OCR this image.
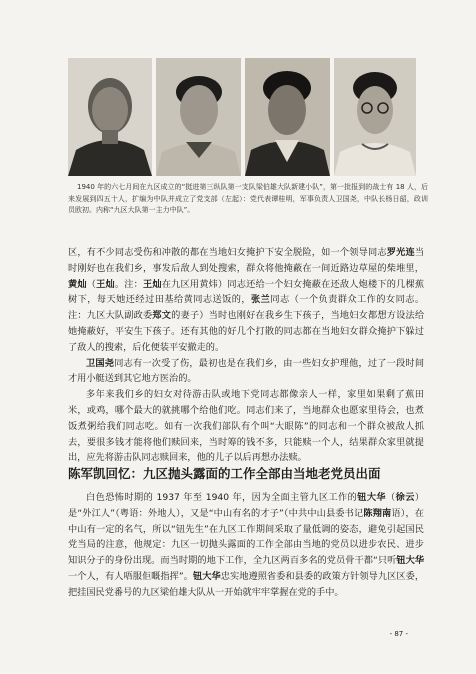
1940 年的六七月间在九区成立的“挺进第三纵队第一支队梁伯雄大队新建小队”，第一批报到的战士有 18 人，后来发展到四五十人，扩编为中队并成立了党支部（左起）：党代表谭桂明，军事负责人卫国尧，中队长杨日韶，政训员欧初。内称“九区大队第一主力中队”。
区，有不少同志受伤和冲散的都在当地妇女掩护下安全脱险，如一个领导同志罗光连当时刚好也在我们乡，事发后敌人到处搜索，群众将他掩蔽在一间近路边草屋的柴堆里，黄灿（王灿。注：王灿在九区用黄炜）同志还给一个妇女掩蔽在还敌人炮楼下的几棵蕉树下，每天她还经过田基给黄同志送饭的，张兰同志（一个负责群众工作的女同志。注：九区大队副政委郑文的妻子）当时也刚好在我乡生下孩子，当地妇女都想方设法给她掩蔽好，平安生下孩子。还有其他的好几个打散的同志都在当地妇女群众掩护下躲过了敌人的搜索，后化便装平安撤走的。
卫国尧同志有一次受了伤，最初也是在我们乡，由一些妇女护理他，过了一段时间才用小艇送到其它地方医治的。
多年来我们乡的妇女对待游击队或地下党同志都像亲人一样，家里如果剩了蕉田米，或鸡，哪个最大的就挑哪个给他们吃。同志们来了，当地群众也愿家里待会，也煮饭煮粥给我们同志吃。如有一次我们部队有个叫“大眼陈”的同志和一个群众被敌人抓去，要很多钱才能将他们赎回来，当时筹的钱不多，只能赎一个人，结果群众家里就提出，应先将游击队同志赎回来，他的儿子以后再想办法赎。
陈军凯回忆：九区抛头露面的工作全部由当地老党员出面
白色恐怖时期的 1937 年至 1940 年，因为全面主管九区工作的钮大华（徐云）是“外江人”（粤语：外地人），又是“中山有名的才子”（中共中山县委书记陈翔南语），在中山有一定的名气，所以“钮先生”在九区工作期间采取了量低调的姿态，避免引起国民党当局的注意，他规定：九区一切抛头露面的工作全部由当地的党员以进步农民、进步知识分子的身份出现。而当时期的地下工作，全九区两百多名的党员骨干都“只听钮大华一个人，有人唔服佢嘅指挥”。钮大华忠实地遵照省委和县委的政策方针领导九区区委，把挂国民党番号的九区梁伯雄大队从一开始就牢牢掌握在党的手中。
- 87 -
